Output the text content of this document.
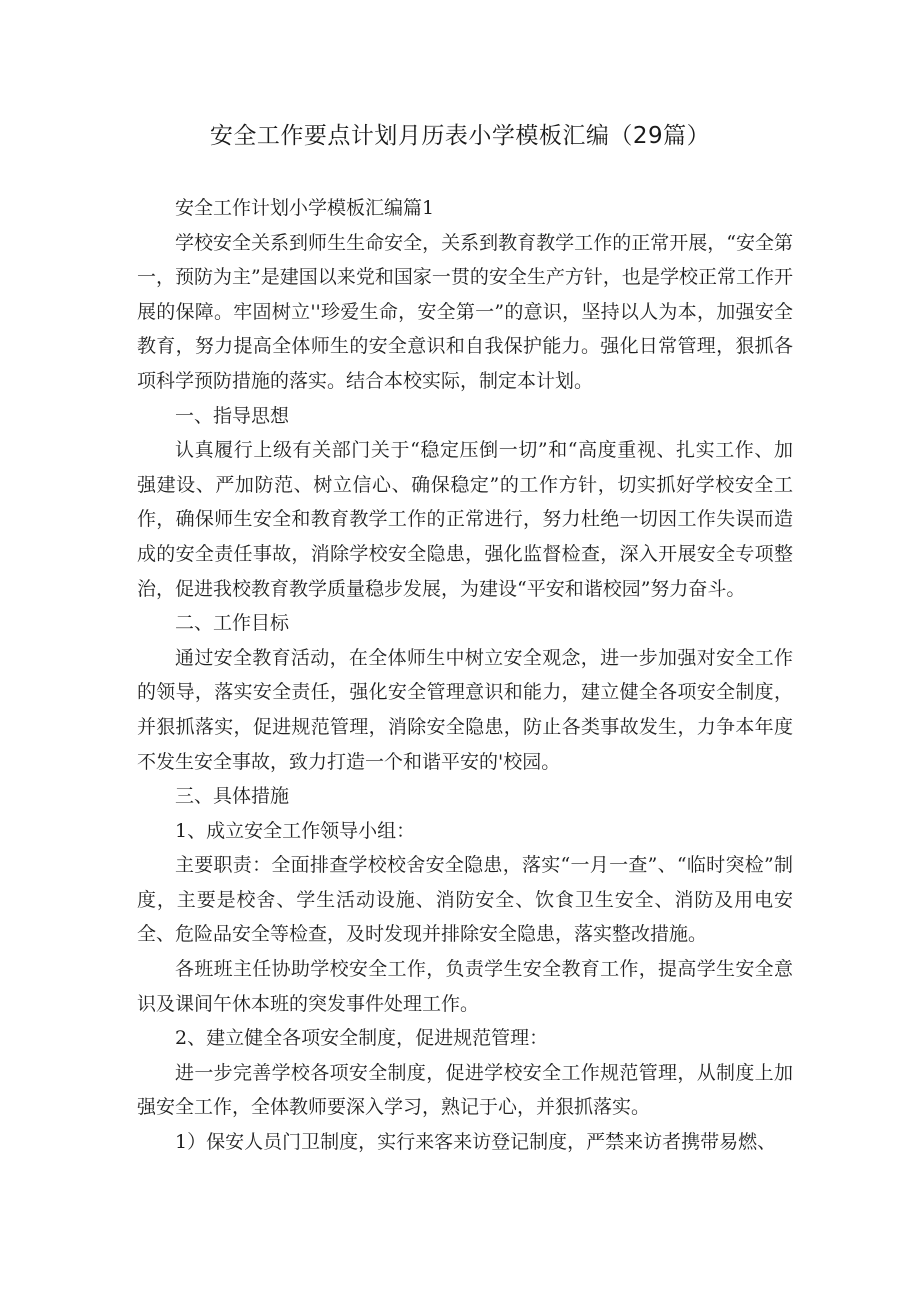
安全工作要点计划月历表小学模板汇编（29篇）

安全工作计划小学模板汇编篇1

学校安全关系到师生生命安全，关系到教育教学工作的正常开展，“安全第一，预防为主”是建国以来党和国家一贯的安全生产方针，也是学校正常工作开展的保障。牢固树立''珍爱生命，安全第一”的意识，坚持以人为本，加强安全教育，努力提高全体师生的安全意识和自我保护能力。强化日常管理，狠抓各项科学预防措施的落实。结合本校实际，制定本计划。

一、指导思想

认真履行上级有关部门关于“稳定压倒一切”和“高度重视、扎实工作、加强建设、严加防范、树立信心、确保稳定”的工作方针，切实抓好学校安全工作，确保师生安全和教育教学工作的正常进行，努力杜绝一切因工作失误而造成的安全责任事故，消除学校安全隐患，强化监督检查，深入开展安全专项整治，促进我校教育教学质量稳步发展，为建设“平安和谐校园”努力奋斗。

二、工作目标

通过安全教育活动，在全体师生中树立安全观念，进一步加强对安全工作的领导，落实安全责任，强化安全管理意识和能力，建立健全各项安全制度，并狠抓落实，促进规范管理，消除安全隐患，防止各类事故发生，力争本年度不发生安全事故，致力打造一个和谐平安的'校园。

三、具体措施

1、成立安全工作领导小组：

主要职责：全面排查学校校舍安全隐患，落实“一月一查”、“临时突检”制度，主要是校舍、学生活动设施、消防安全、饮食卫生安全、消防及用电安全、危险品安全等检查，及时发现并排除安全隐患，落实整改措施。

各班班主任协助学校安全工作，负责学生安全教育工作，提高学生安全意识及课间午休本班的突发事件处理工作。

2、建立健全各项安全制度，促进规范管理：

进一步完善学校各项安全制度，促进学校安全工作规范管理，从制度上加强安全工作，全体教师要深入学习，熟记于心，并狠抓落实。

1）保安人员门卫制度，实行来客来访登记制度，严禁来访者携带易燃、
